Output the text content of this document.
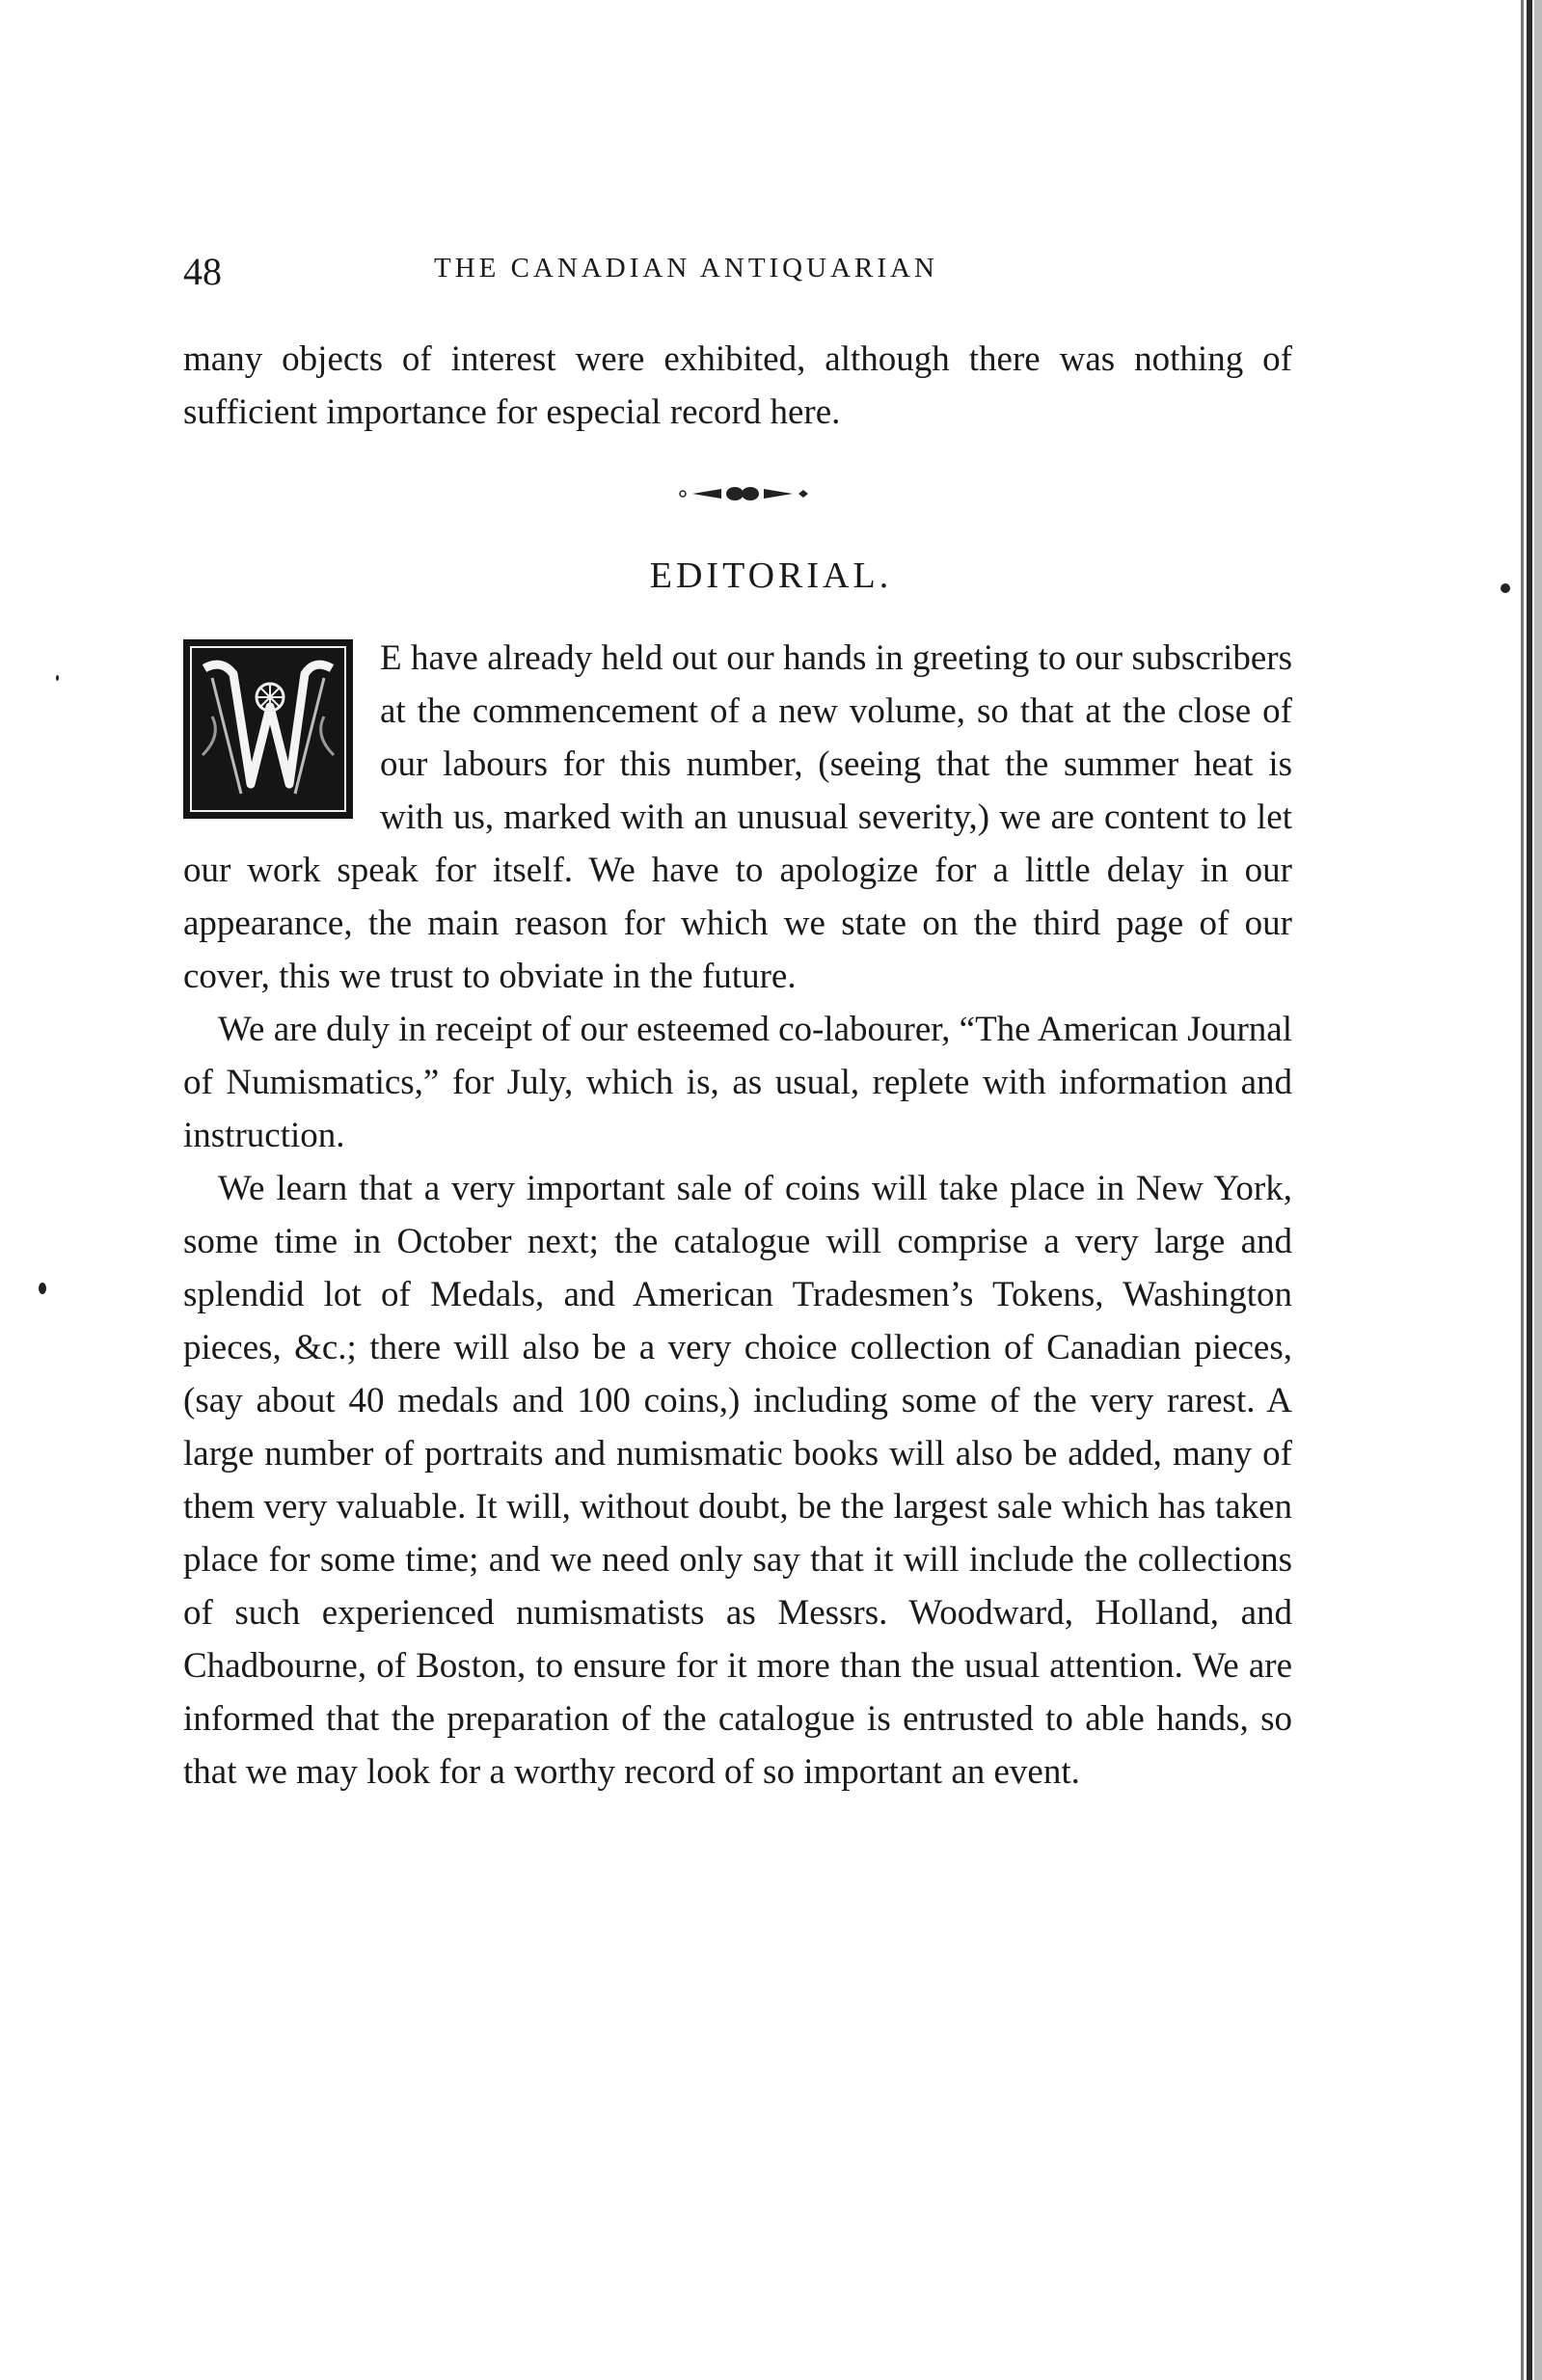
48	THE CANADIAN ANTIQUARIAN
many objects of interest were exhibited, although there was nothing of sufficient importance for especial record here.
EDITORIAL.

E have already held out our hands in greeting to our subscribers at the commencement of a new volume, so that at the close of our labours for this number, (seeing that the summer heat is with us, marked with an unusual severity,) we are content to let our work speak for itself. We have to apologize for a little delay in our appearance, the main reason for which we state on the third page of our cover, this we trust to obviate in the future.

We are duly in receipt of our esteemed co-labourer, “The American Journal of Numismatics,” for July, which is, as usual, replete with information and instruction.

We learn that a very important sale of coins will take place in New York, some time in October next; the catalogue will comprise a very large and splendid lot of Medals, and American Tradesmen’s Tokens, Washington pieces, &c.; there will also be a very choice collection of Canadian pieces, (say about 40 medals and 100 coins,) including some of the very rarest. A large number of portraits and numismatic books will also be added, many of them very valuable. It will, without doubt, be the largest sale which has taken place for some time; and we need only say that it will include the collections of such experienced numismatists as Messrs. Woodward, Holland, and Chadbourne, of Boston, to ensure for it more than the usual attention. We are informed that the preparation of the catalogue is entrusted to able hands, so that we may look for a worthy record of so important an event.
